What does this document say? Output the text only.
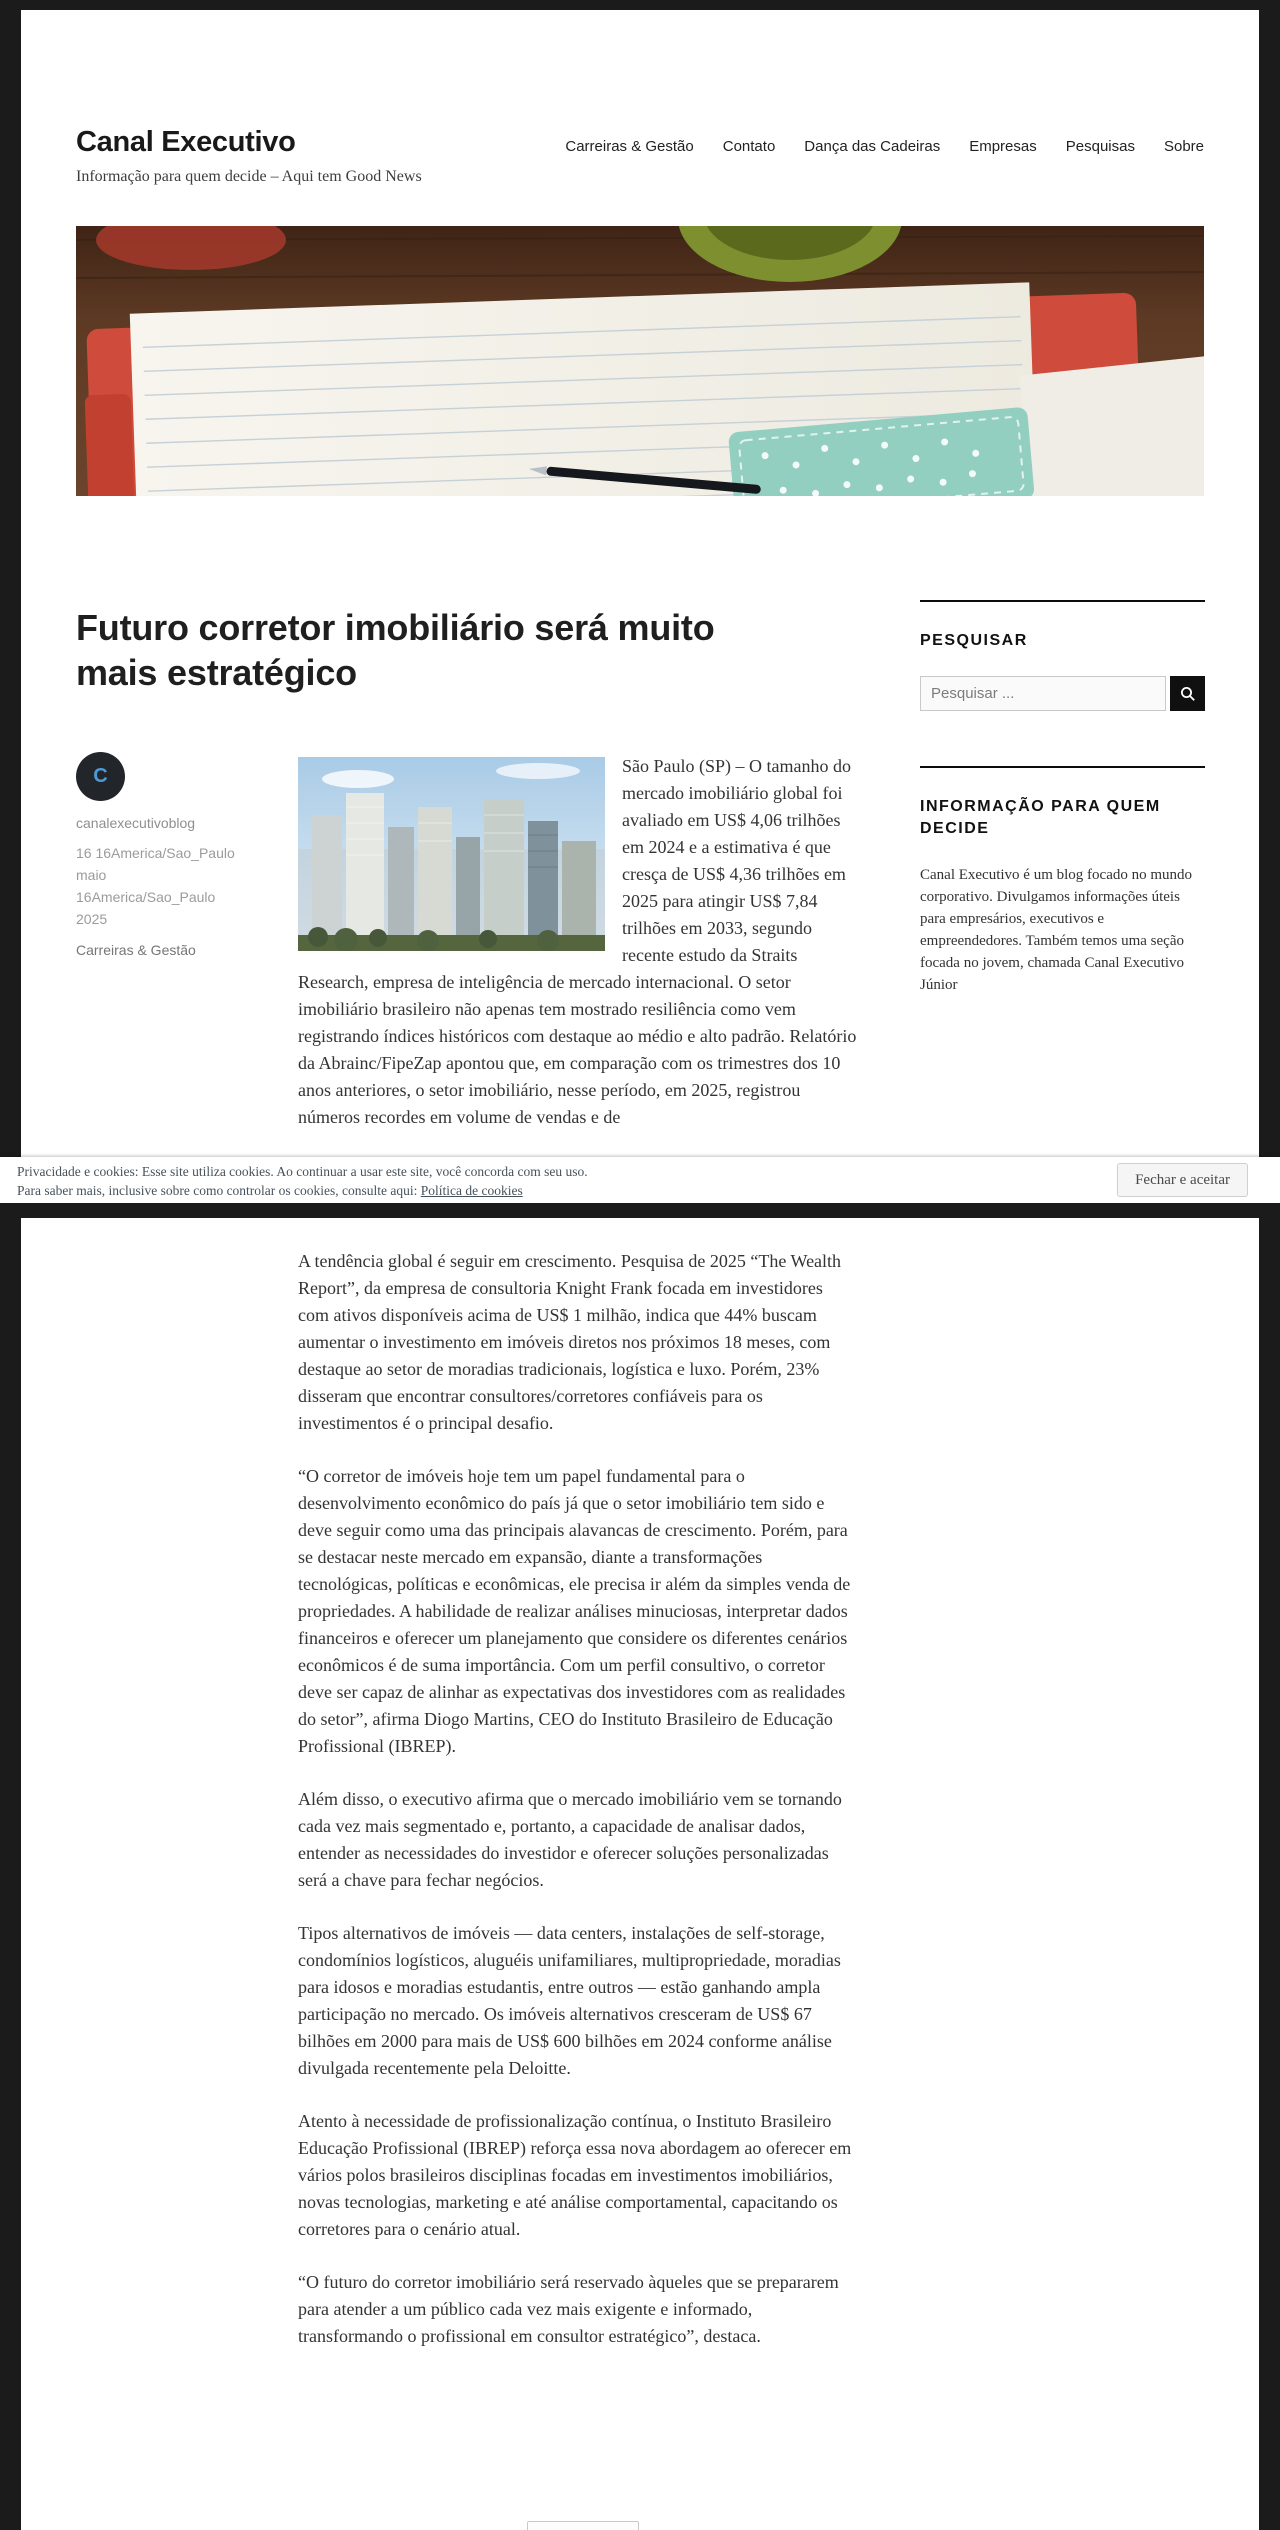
Canal Executivo
Informação para quem decide – Aqui tem Good News
Carreiras & Gestão Contato Dança das Cadeiras Empresas Pesquisas Sobre
Futuro corretor imobiliário será muito mais estratégico
C
canalexecutivoblog
16 16America/Sao_Paulo
maio
16America/Sao_Paulo
2025
Carreiras & Gestão

São Paulo (SP) – O tamanho do mercado imobiliário global foi avaliado em US$ 4,06 trilhões em 2024 e a estimativa é que cresça de US$ 4,36 trilhões em 2025 para atingir US$ 7,84 trilhões em 2033, segundo recente estudo da Straits Research, empresa de inteligência de mercado internacional. O setor imobiliário brasileiro não apenas tem mostrado resiliência como vem registrando índices históricos com destaque ao médio e alto padrão. Relatório da Abrainc/FipeZap apontou que, em comparação com os trimestres dos 10 anos anteriores, o setor imobiliário, nesse período, em 2025, registrou números recordes em volume de vendas e de

PESQUISAR
Pesquisar ...
INFORMAÇÃO PARA QUEM DECIDE
Canal Executivo é um blog focado no mundo corporativo. Divulgamos informações úteis para empresários, executivos e empreendedores. Também temos uma seção focada no jovem, chamada Canal Executivo Júnior
Privacidade e cookies: Esse site utiliza cookies. Ao continuar a usar este site, você concorda com seu uso.
Para saber mais, inclusive sobre como controlar os cookies, consulte aqui: Política de cookies
Fechar e aceitar

A tendência global é seguir em crescimento. Pesquisa de 2025 “The Wealth Report”, da empresa de consultoria Knight Frank focada em investidores com ativos disponíveis acima de US$ 1 milhão, indica que 44% buscam aumentar o investimento em imóveis diretos nos próximos 18 meses, com destaque ao setor de moradias tradicionais, logística e luxo. Porém, 23% disseram que encontrar consultores/corretores confiáveis para os investimentos é o principal desafio.

“O corretor de imóveis hoje tem um papel fundamental para o desenvolvimento econômico do país já que o setor imobiliário tem sido e deve seguir como uma das principais alavancas de crescimento. Porém, para se destacar neste mercado em expansão, diante a transformações tecnológicas, políticas e econômicas, ele precisa ir além da simples venda de propriedades. A habilidade de realizar análises minuciosas, interpretar dados financeiros e oferecer um planejamento que considere os diferentes cenários econômicos é de suma importância. Com um perfil consultivo, o corretor deve ser capaz de alinhar as expectativas dos investidores com as realidades do setor”, afirma Diogo Martins, CEO do Instituto Brasileiro de Educação Profissional (IBREP).

Além disso, o executivo afirma que o mercado imobiliário vem se tornando cada vez mais segmentado e, portanto, a capacidade de analisar dados, entender as necessidades do investidor e oferecer soluções personalizadas será a chave para fechar negócios.

Tipos alternativos de imóveis — data centers, instalações de self-storage, condomínios logísticos, aluguéis unifamiliares, multipropriedade, moradias para idosos e moradias estudantis, entre outros — estão ganhando ampla participação no mercado. Os imóveis alternativos cresceram de US$ 67 bilhões em 2000 para mais de US$ 600 bilhões em 2024 conforme análise divulgada recentemente pela Deloitte.

Atento à necessidade de profissionalização contínua, o Instituto Brasileiro Educação Profissional (IBREP) reforça essa nova abordagem ao oferecer em vários polos brasileiros disciplinas focadas em investimentos imobiliários, novas tecnologias, marketing e até análise comportamental, capacitando os corretores para o cenário atual.

“O futuro do corretor imobiliário será reservado àqueles que se prepararem para atender a um público cada vez mais exigente e informado, transformando o profissional em consultor estratégico”, destaca.
